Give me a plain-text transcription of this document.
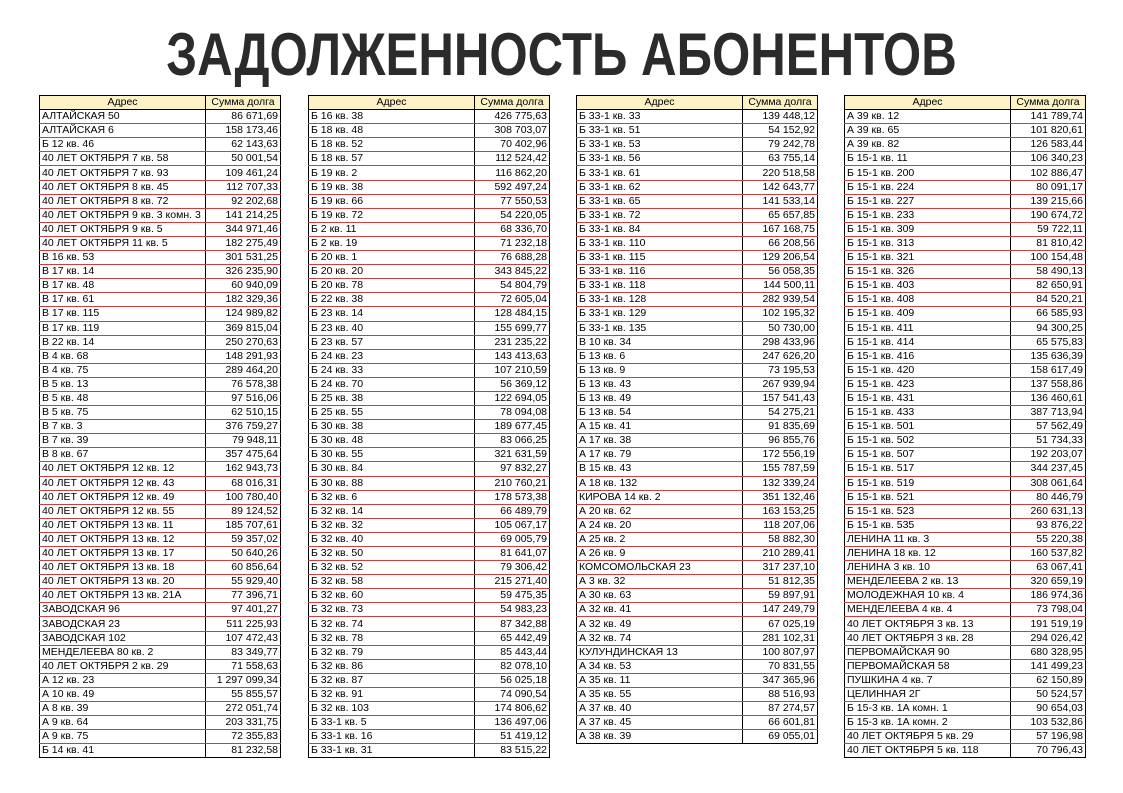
ЗАДОЛЖЕННОСТЬ АБОНЕНТОВ
Адрес	Сумма долга
АЛТАЙСКАЯ 50	86 671,69
АЛТАЙСКАЯ 6	158 173,46
Б 12 кв. 46	62 143,63
40 ЛЕТ ОКТЯБРЯ 7 кв. 58	50 001,54
40 ЛЕТ ОКТЯБРЯ 7 кв. 93	109 461,24
40 ЛЕТ ОКТЯБРЯ 8 кв. 45	112 707,33
40 ЛЕТ ОКТЯБРЯ 8 кв. 72	92 202,68
40 ЛЕТ ОКТЯБРЯ 9 кв. 3 комн. 3	141 214,25
40 ЛЕТ ОКТЯБРЯ 9 кв. 5	344 971,46
40 ЛЕТ ОКТЯБРЯ 11 кв. 5	182 275,49
В 16 кв. 53	301 531,25
В 17 кв. 14	326 235,90
В 17 кв. 48	60 940,09
В 17 кв. 61	182 329,36
В 17 кв. 115	124 989,82
В 17 кв. 119	369 815,04
В 22 кв. 14	250 270,63
В 4 кв. 68	148 291,93
В 4 кв. 75	289 464,20
В 5 кв. 13	76 578,38
В 5 кв. 48	97 516,06
В 5 кв. 75	62 510,15
В 7 кв. 3	376 759,27
В 7 кв. 39	79 948,11
В 8 кв. 67	357 475,64
40 ЛЕТ ОКТЯБРЯ 12 кв. 12	162 943,73
40 ЛЕТ ОКТЯБРЯ 12 кв. 43	68 016,31
40 ЛЕТ ОКТЯБРЯ 12 кв. 49	100 780,40
40 ЛЕТ ОКТЯБРЯ 12 кв. 55	89 124,52
40 ЛЕТ ОКТЯБРЯ 13 кв. 11	185 707,61
40 ЛЕТ ОКТЯБРЯ 13 кв. 12	59 357,02
40 ЛЕТ ОКТЯБРЯ 13 кв. 17	50 640,26
40 ЛЕТ ОКТЯБРЯ 13 кв. 18	60 856,64
40 ЛЕТ ОКТЯБРЯ 13 кв. 20	55 929,40
40 ЛЕТ ОКТЯБРЯ 13 кв. 21А	77 396,71
ЗАВОДСКАЯ 96	97 401,27
ЗАВОДСКАЯ 23	511 225,93
ЗАВОДСКАЯ 102	107 472,43
МЕНДЕЛЕЕВА 80 кв. 2	83 349,77
40 ЛЕТ ОКТЯБРЯ 2 кв. 29	71 558,63
А 12 кв. 23	1 297 099,34
А 10 кв. 49	55 855,57
А 8 кв. 39	272 051,74
А 9 кв. 64	203 331,75
А 9 кв. 75	72 355,83
Б 14 кв. 41	81 232,58
Адрес	Сумма долга
Б 16 кв. 38	426 775,63
Б 18 кв. 48	308 703,07
Б 18 кв. 52	70 402,96
Б 18 кв. 57	112 524,42
Б 19 кв. 2	116 862,20
Б 19 кв. 38	592 497,24
Б 19 кв. 66	77 550,53
Б 19 кв. 72	54 220,05
Б 2 кв. 11	68 336,70
Б 2 кв. 19	71 232,18
Б 20 кв. 1	76 688,28
Б 20 кв. 20	343 845,22
Б 20 кв. 78	54 804,79
Б 22 кв. 38	72 605,04
Б 23 кв. 14	128 484,15
Б 23 кв. 40	155 699,77
Б 23 кв. 57	231 235,22
Б 24 кв. 23	143 413,63
Б 24 кв. 33	107 210,59
Б 24 кв. 70	56 369,12
Б 25 кв. 38	122 694,05
Б 25 кв. 55	78 094,08
Б 30 кв. 38	189 677,45
Б 30 кв. 48	83 066,25
Б 30 кв. 55	321 631,59
Б 30 кв. 84	97 832,27
Б 30 кв. 88	210 760,21
Б 32 кв. 6	178 573,38
Б 32 кв. 14	66 489,79
Б 32 кв. 32	105 067,17
Б 32 кв. 40	69 005,79
Б 32 кв. 50	81 641,07
Б 32 кв. 52	79 306,42
Б 32 кв. 58	215 271,40
Б 32 кв. 60	59 475,35
Б 32 кв. 73	54 983,23
Б 32 кв. 74	87 342,88
Б 32 кв. 78	65 442,49
Б 32 кв. 79	85 443,44
Б 32 кв. 86	82 078,10
Б 32 кв. 87	56 025,18
Б 32 кв. 91	74 090,54
Б 32 кв. 103	174 806,62
Б 33-1 кв. 5	136 497,06
Б 33-1 кв. 16	51 419,12
Б 33-1 кв. 31	83 515,22
Адрес	Сумма долга
Б 33-1 кв. 33	139 448,12
Б 33-1 кв. 51	54 152,92
Б 33-1 кв. 53	79 242,78
Б 33-1 кв. 56	63 755,14
Б 33-1 кв. 61	220 518,58
Б 33-1 кв. 62	142 643,77
Б 33-1 кв. 65	141 533,14
Б 33-1 кв. 72	65 657,85
Б 33-1 кв. 84	167 168,75
Б 33-1 кв. 110	66 208,56
Б 33-1 кв. 115	129 206,54
Б 33-1 кв. 116	56 058,35
Б 33-1 кв. 118	144 500,11
Б 33-1 кв. 128	282 939,54
Б 33-1 кв. 129	102 195,32
Б 33-1 кв. 135	50 730,00
В 10 кв. 34	298 433,96
Б 13 кв. 6	247 626,20
Б 13 кв. 9	73 195,53
Б 13 кв. 43	267 939,94
Б 13 кв. 49	157 541,43
Б 13 кв. 54	54 275,21
А 15 кв. 41	91 835,69
А 17 кв. 38	96 855,76
А 17 кв. 79	172 556,19
В 15 кв. 43	155 787,59
А 18 кв. 132	132 339,24
КИРОВА 14 кв. 2	351 132,46
А 20 кв. 62	163 153,25
А 24 кв. 20	118 207,06
А 25 кв. 2	58 882,30
А 26 кв. 9	210 289,41
КОМСОМОЛЬСКАЯ 23	317 237,10
А 3 кв. 32	51 812,35
А 30 кв. 63	59 897,91
А 32 кв. 41	147 249,79
А 32 кв. 49	67 025,19
А 32 кв. 74	281 102,31
КУЛУНДИНСКАЯ 13	100 807,97
А 34 кв. 53	70 831,55
А 35 кв. 11	347 365,96
А 35 кв. 55	88 516,93
А 37 кв. 40	87 274,57
А 37 кв. 45	66 601,81
А 38 кв. 39	69 055,01
Адрес	Сумма долга
А 39 кв. 12	141 789,74
А 39 кв. 65	101 820,61
А 39 кв. 82	126 583,44
Б 15-1 кв. 11	106 340,23
Б 15-1 кв. 200	102 886,47
Б 15-1 кв. 224	80 091,17
Б 15-1 кв. 227	139 215,66
Б 15-1 кв. 233	190 674,72
Б 15-1 кв. 309	59 722,11
Б 15-1 кв. 313	81 810,42
Б 15-1 кв. 321	100 154,48
Б 15-1 кв. 326	58 490,13
Б 15-1 кв. 403	82 650,91
Б 15-1 кв. 408	84 520,21
Б 15-1 кв. 409	66 585,93
Б 15-1 кв. 411	94 300,25
Б 15-1 кв. 414	65 575,83
Б 15-1 кв. 416	135 636,39
Б 15-1 кв. 420	158 617,49
Б 15-1 кв. 423	137 558,86
Б 15-1 кв. 431	136 460,61
Б 15-1 кв. 433	387 713,94
Б 15-1 кв. 501	57 562,49
Б 15-1 кв. 502	51 734,33
Б 15-1 кв. 507	192 203,07
Б 15-1 кв. 517	344 237,45
Б 15-1 кв. 519	308 061,64
Б 15-1 кв. 521	80 446,79
Б 15-1 кв. 523	260 631,13
Б 15-1 кв. 535	93 876,22
ЛЕНИНА 11 кв. 3	55 220,38
ЛЕНИНА 18 кв. 12	160 537,82
ЛЕНИНА 3 кв. 10	63 067,41
МЕНДЕЛЕЕВА 2 кв. 13	320 659,19
МОЛОДЕЖНАЯ 10 кв. 4	186 974,36
МЕНДЕЛЕЕВА 4 кв. 4	73 798,04
40 ЛЕТ ОКТЯБРЯ 3 кв. 13	191 519,19
40 ЛЕТ ОКТЯБРЯ 3 кв. 28	294 026,42
ПЕРВОМАЙСКАЯ 90	680 328,95
ПЕРВОМАЙСКАЯ 58	141 499,23
ПУШКИНА 4 кв. 7	62 150,89
ЦЕЛИННАЯ 2Г	50 524,57
Б 15-3 кв. 1А комн. 1	90 654,03
Б 15-3 кв. 1А комн. 2	103 532,86
40 ЛЕТ ОКТЯБРЯ 5 кв. 29	57 196,98
40 ЛЕТ ОКТЯБРЯ 5 кв. 118	70 796,43
